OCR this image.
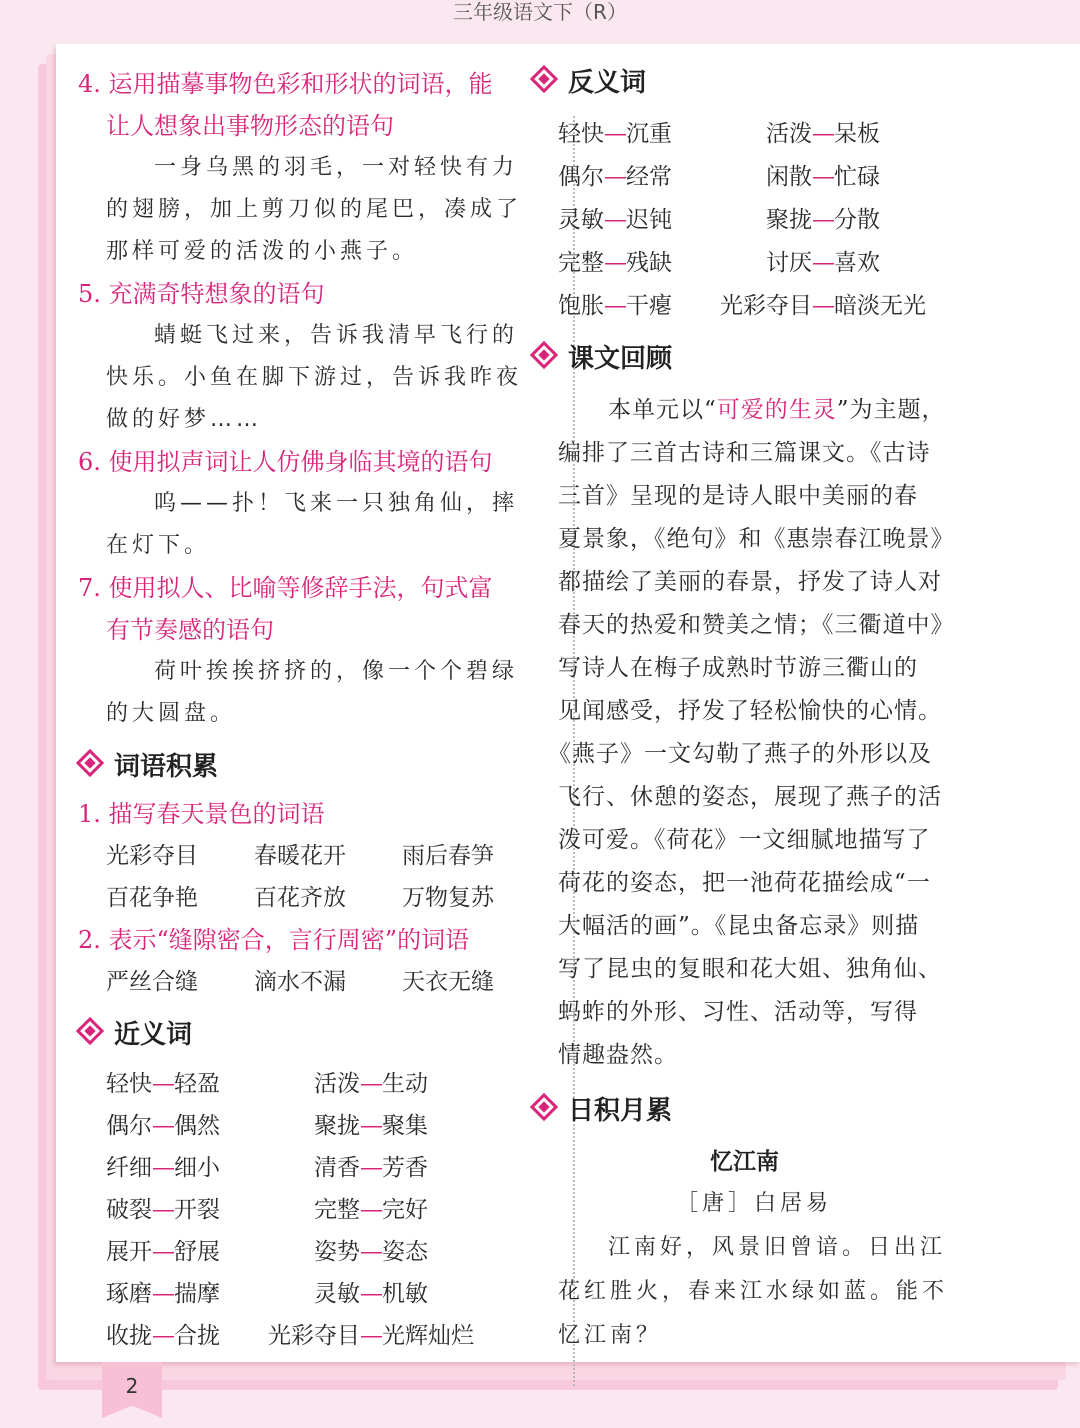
三年级语文下（R）
4. 运用描摹事物色彩和形状的词语，能
让人想象出事物形态的语句
一身乌黑的羽毛，一对轻快有力
的翅膀，加上剪刀似的尾巴，凑成了
那样可爱的活泼的小燕子。
5. 充满奇特想象的语句
蜻蜓飞过来，告诉我清早飞行的
快乐。小鱼在脚下游过，告诉我昨夜
做的好梦……
6. 使用拟声词让人仿佛身临其境的语句
呜——扑！飞来一只独角仙，摔
在灯下。
7. 使用拟人、比喻等修辞手法，句式富
有节奏感的语句
荷叶挨挨挤挤的，像一个个碧绿
的大圆盘。
词语积累
1. 描写春天景色的词语
光彩夺目 春暖花开 雨后春笋
百花争艳 百花齐放 万物复苏
2. 表示“缝隙密合，言行周密”的词语
严丝合缝 滴水不漏 天衣无缝
近义词
轻快—轻盈	活泼—生动
偶尔—偶然	聚拢—聚集
纤细—细小	清香—芳香
破裂—开裂	完整—完好
展开—舒展	姿势—姿态
琢磨—揣摩	灵敏—机敏
收拢—合拢 光彩夺目—光辉灿烂
反义词
轻快—沉重	活泼—呆板
偶尔—经常	闲散—忙碌
灵敏—迟钝	聚拢—分散
完整—残缺	讨厌—喜欢
饱胀—干瘪 光彩夺目—暗淡无光
课文回顾
本单元以“可爱的生灵”为主题，
编排了三首古诗和三篇课文。《古诗
三首》呈现的是诗人眼中美丽的春
夏景象，《绝句》和《惠崇春江晚景》
都描绘了美丽的春景，抒发了诗人对
春天的热爱和赞美之情；《三衢道中》
写诗人在梅子成熟时节游三衢山的
见闻感受，抒发了轻松愉快的心情。
《燕子》一文勾勒了燕子的外形以及
飞行、休憩的姿态，展现了燕子的活
泼可爱。《荷花》一文细腻地描写了
荷花的姿态，把一池荷花描绘成“一
大幅活的画”。《昆虫备忘录》则描
写了昆虫的复眼和花大姐、独角仙、
蚂蚱的外形、习性、活动等，写得
情趣盎然。
日积月累
忆江南
［唐］白居易
江南好，风景旧曾谙。日出江
花红胜火，春来江水绿如蓝。能不
忆江南？
2
